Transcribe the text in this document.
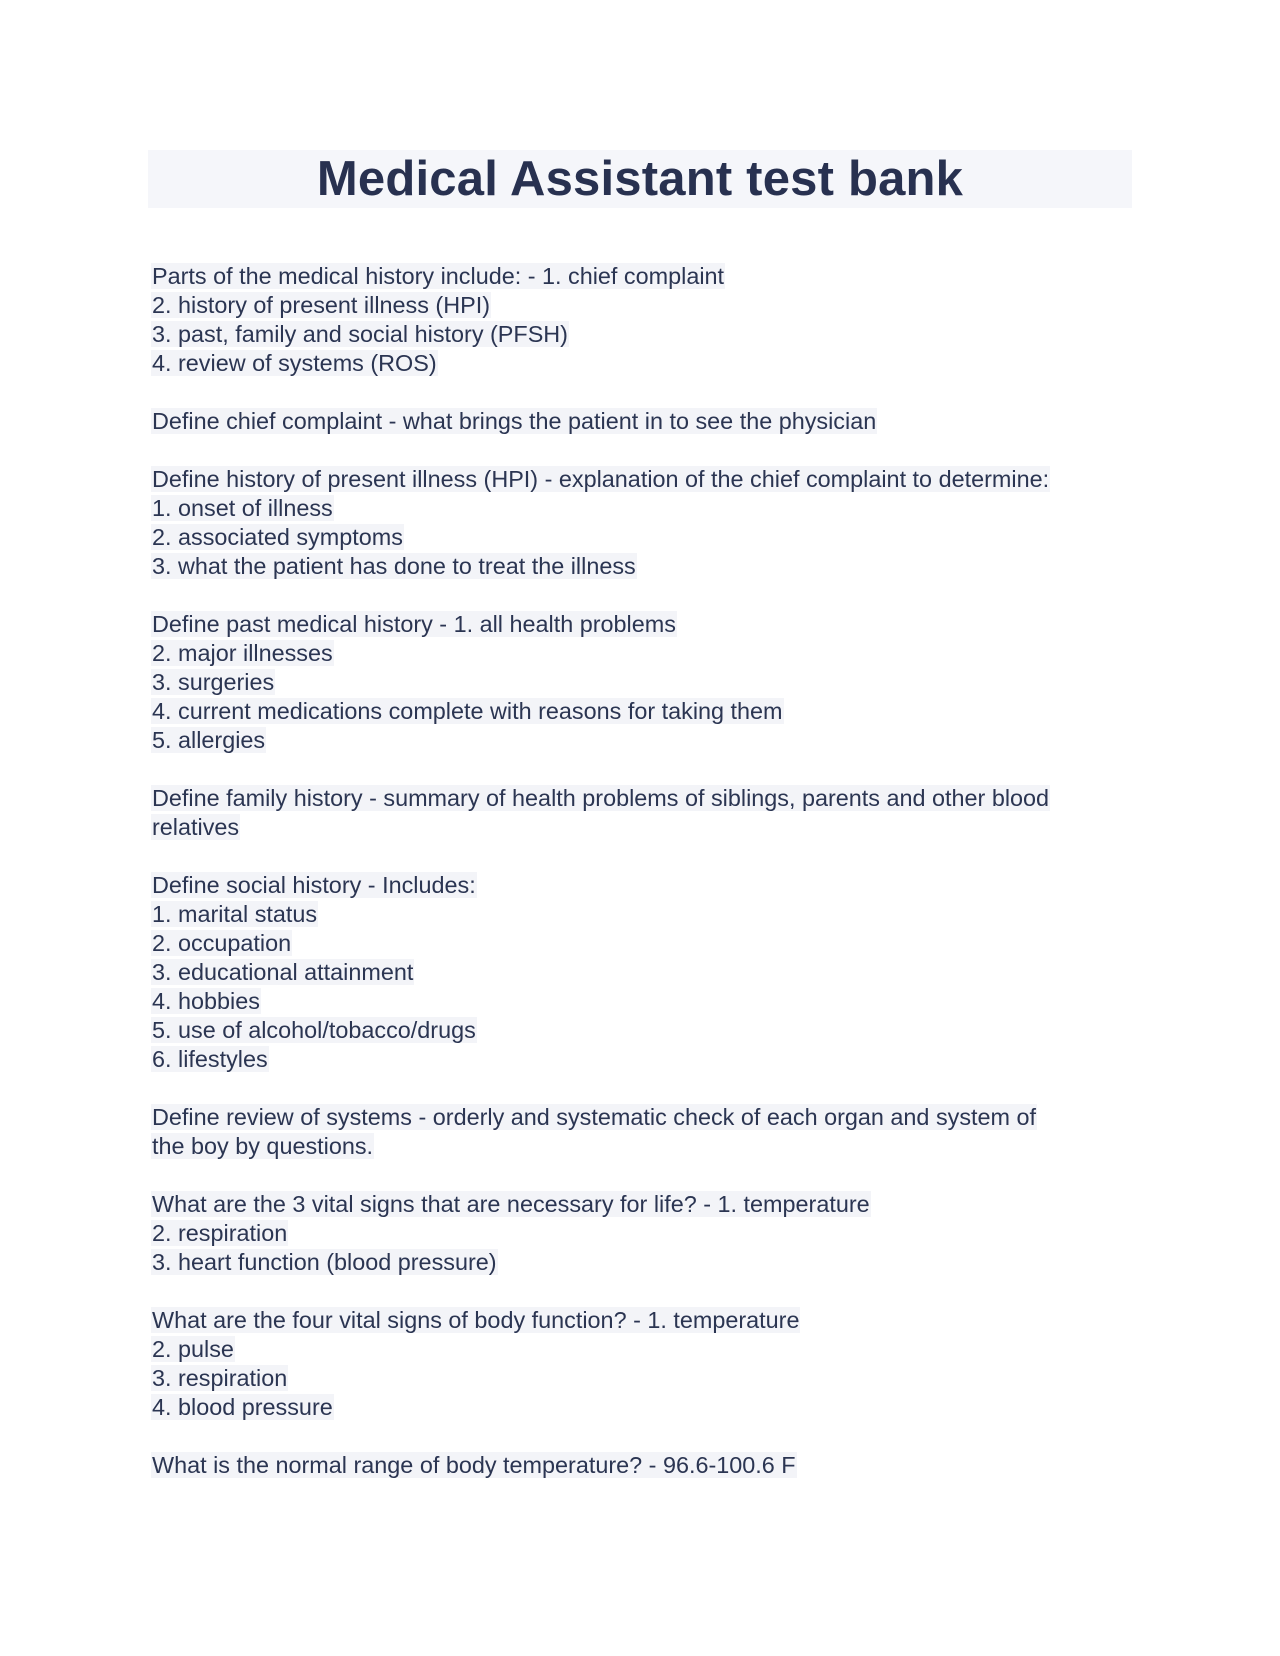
Medical Assistant test bank
Parts of the medical history include: - 1. chief complaint
2. history of present illness (HPI)
3. past, family and social history (PFSH)
4. review of systems (ROS)
Define chief complaint - what brings the patient in to see the physician
Define history of present illness (HPI) - explanation of the chief complaint to determine:
1. onset of illness
2. associated symptoms
3. what the patient has done to treat the illness
Define past medical history - 1. all health problems
2. major illnesses
3. surgeries
4. current medications complete with reasons for taking them
5. allergies
Define family history - summary of health problems of siblings, parents and other blood
relatives
Define social history - Includes:
1. marital status
2. occupation
3. educational attainment
4. hobbies
5. use of alcohol/tobacco/drugs
6. lifestyles
Define review of systems - orderly and systematic check of each organ and system of
the boy by questions.
What are the 3 vital signs that are necessary for life? - 1. temperature
2. respiration
3. heart function (blood pressure)
What are the four vital signs of body function? - 1. temperature
2. pulse
3. respiration
4. blood pressure
What is the normal range of body temperature? - 96.6-100.6 F
